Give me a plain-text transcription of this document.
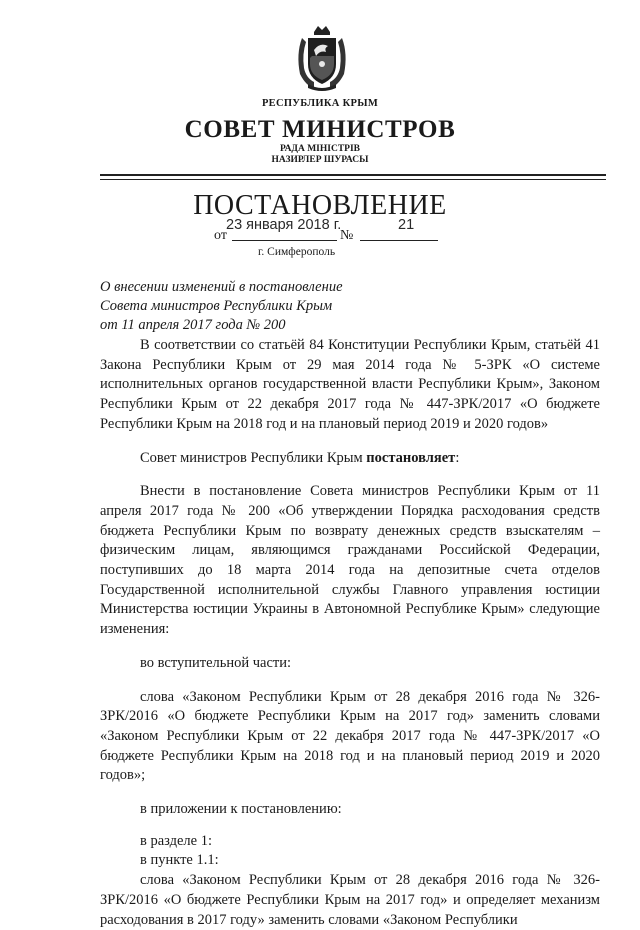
РЕСПУБЛИКА КРЫМ
СОВЕТ МИНИСТРОВ
РАДА МІНІСТРІВ
НАЗИРЛЕР ШУРАСЫ
ПОСТАНОВЛЕНИЕ
от
23 января 2018 г.
№
21
г. Симферополь
О внесении изменений в постановление
Совета министров Республики Крым
от 11 апреля 2017 года № 200

В соответствии со статьёй 84 Конституции Республики Крым, статьёй 41 Закона Республики Крым от 29 мая 2014 года № 5-ЗРК «О системе исполнительных органов государственной власти Республики Крым», Законом Республики Крым от 22 декабря 2017 года № 447-ЗРК/2017 «О бюджете Республики Крым на 2018 год и на плановый период 2019 и 2020 годов»

Совет министров Республики Крым постановляет:

Внести в постановление Совета министров Республики Крым от 11 апреля 2017 года № 200 «Об утверждении Порядка расходования средств бюджета Республики Крым по возврату денежных средств взыскателям – физическим лицам, являющимся гражданами Российской Федерации, поступивших до 18 марта 2014 года на депозитные счета отделов Государственной исполнительной службы Главного управления юстиции Министерства юстиции Украины в Автономной Республике Крым» следующие изменения:

во вступительной части:

слова «Законом Республики Крым от 28 декабря 2016 года № 326-ЗРК/2016 «О бюджете Республики Крым на 2017 год» заменить словами «Законом Республики Крым от 22 декабря 2017 года № 447-ЗРК/2017 «О бюджете Республики Крым на 2018 год и на плановый период 2019 и 2020 годов»;

в приложении к постановлению:

в разделе 1:

в пункте 1.1:

слова «Законом Республики Крым от 28 декабря 2016 года № 326-ЗРК/2016 «О бюджете Республики Крым на 2017 год» и определяет механизм расходования в 2017 году» заменить словами «Законом Республики
